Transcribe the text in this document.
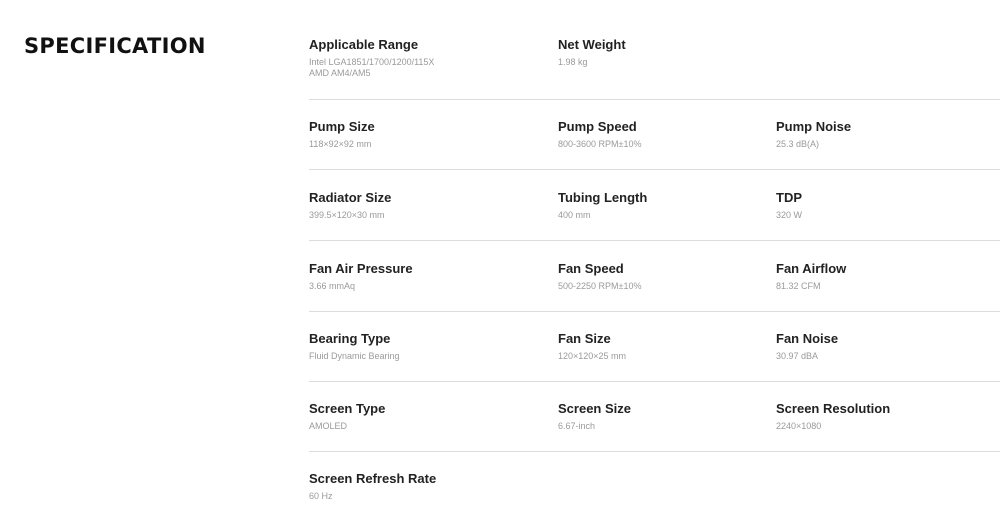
SPECIFICATION	Applicable Range
Intel LGA1851/1700/1200/115X
AMD AM4/AM5
Net Weight
1.98 kg
Pump Size
118×92×92 mm
Pump Speed
800-3600 RPM±10%
Pump Noise
25.3 dB(A)
Radiator Size
399.5×120×30 mm
Tubing Length
400 mm
TDP
320 W
Fan Air Pressure
3.66 mmAq
Fan Speed
500-2250 RPM±10%
Fan Airflow
81.32 CFM
Bearing Type
Fluid Dynamic Bearing
Fan Size
120×120×25 mm
Fan Noise
30.97 dBA
Screen Type
AMOLED
Screen Size
6.67-inch
Screen Resolution
2240×1080
Screen Refresh Rate
60 Hz
